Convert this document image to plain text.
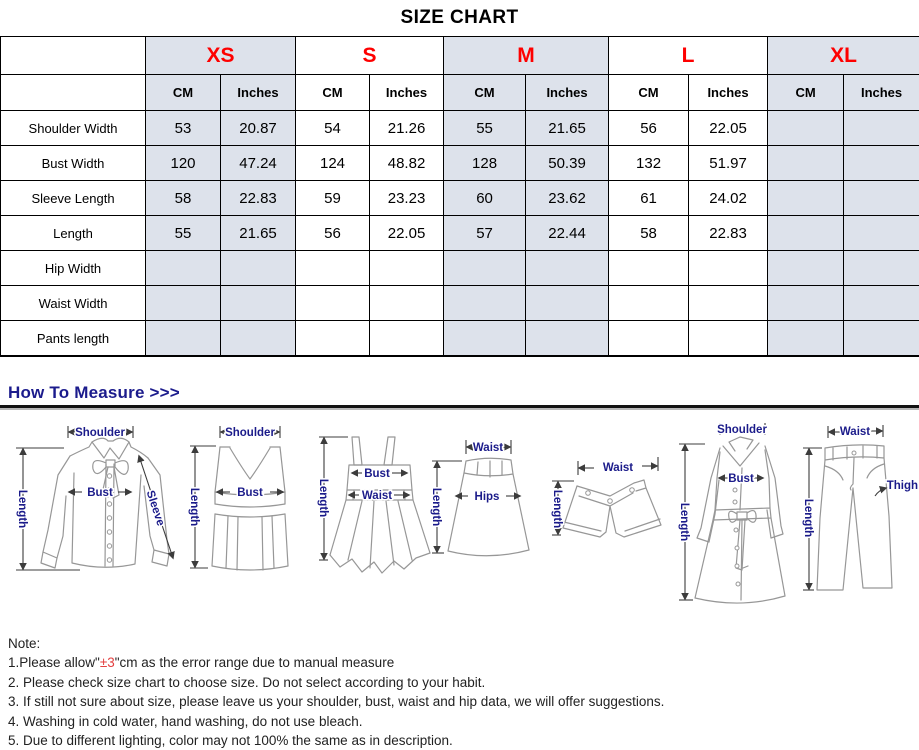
SIZE CHART
	XS		S		M		L		XL	
	CM	Inches	CM	Inches	CM	Inches	CM	Inches	CM	Inches
Shoulder Width	53	20.87	54	21.26	55	21.65	56	22.05		
Bust Width	120	47.24	124	48.82	128	50.39	132	51.97		
Sleeve Length	58	22.83	59	23.23	60	23.62	61	24.02		
Length	55	21.65	56	22.05	57	22.44	58	22.83		
Hip Width										
Waist Width										
Pants length										
How To Measure >>>
Shoulder
Bust
Length	Sleeve
Shoulder
Bust
Length
Bust
Waist
Length
Waist
Hips
Length
Waist
Length
Shoulder
Bust
Length
Waist
Thigh
Length
Note:
1.Please allow"±3"cm as the error range due to manual measure
2. Please check size chart to choose size. Do not select according to your habit.
3. If still not sure about size, please leave us your shoulder, bust, waist and hip data, we will offer suggestions.
4. Washing in cold water, hand washing, do not use bleach.
5. Due to different lighting, color may not 100% the same as in description.
